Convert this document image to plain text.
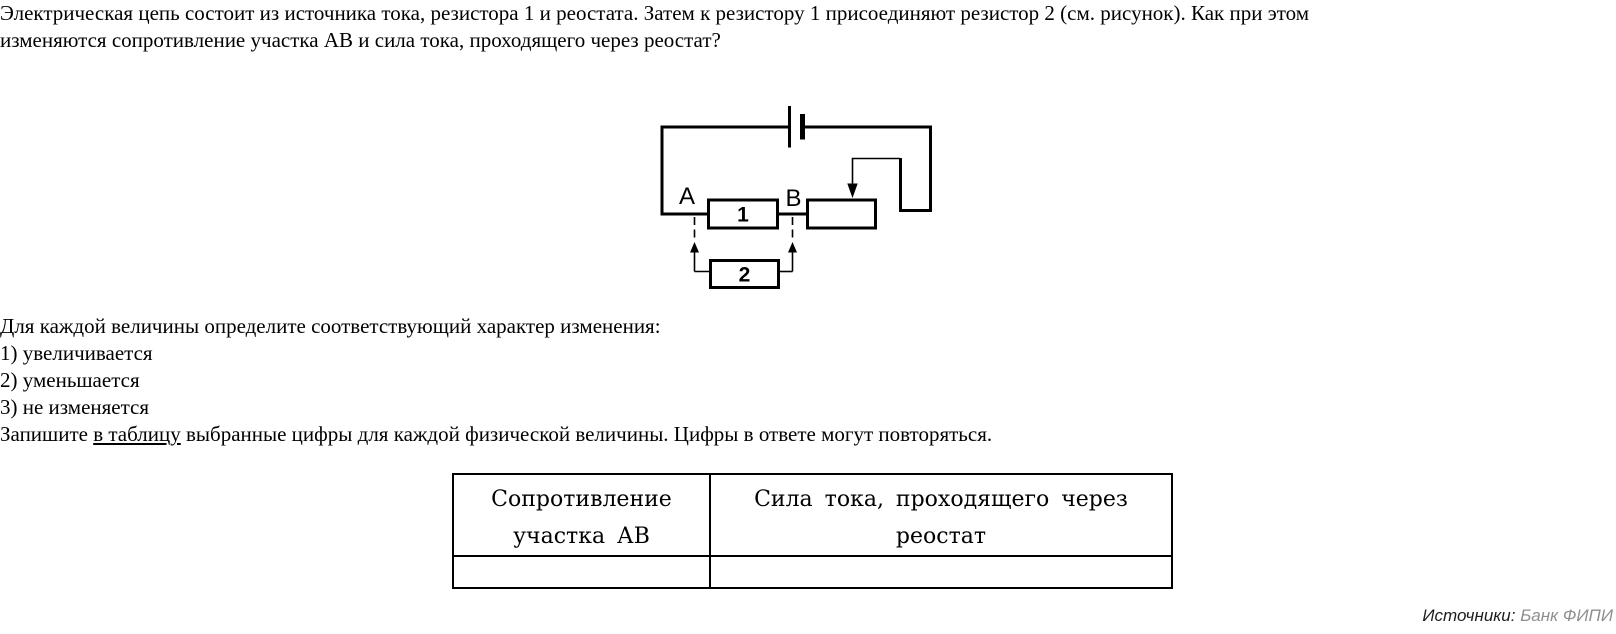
Электрическая цепь состоит из источника тока, резистора 1 и реостата. Затем к резистору 1 присоединяют резистор 2 (см. рисунок). Как при этом
изменяются сопротивление участка АВ и сила тока, проходящего через реостат?
1
A	B
2
Для каждой величины определите соответствующий характер изменения:
1) увеличивается
2) уменьшается
3) не изменяется
Запишите в таблицу выбранные цифры для каждой физической величины. Цифры в ответе могут повторяться.
Сопротивление участка АВ	Сила тока, проходящего через
реостат

Источники: Банк ФИПИ
